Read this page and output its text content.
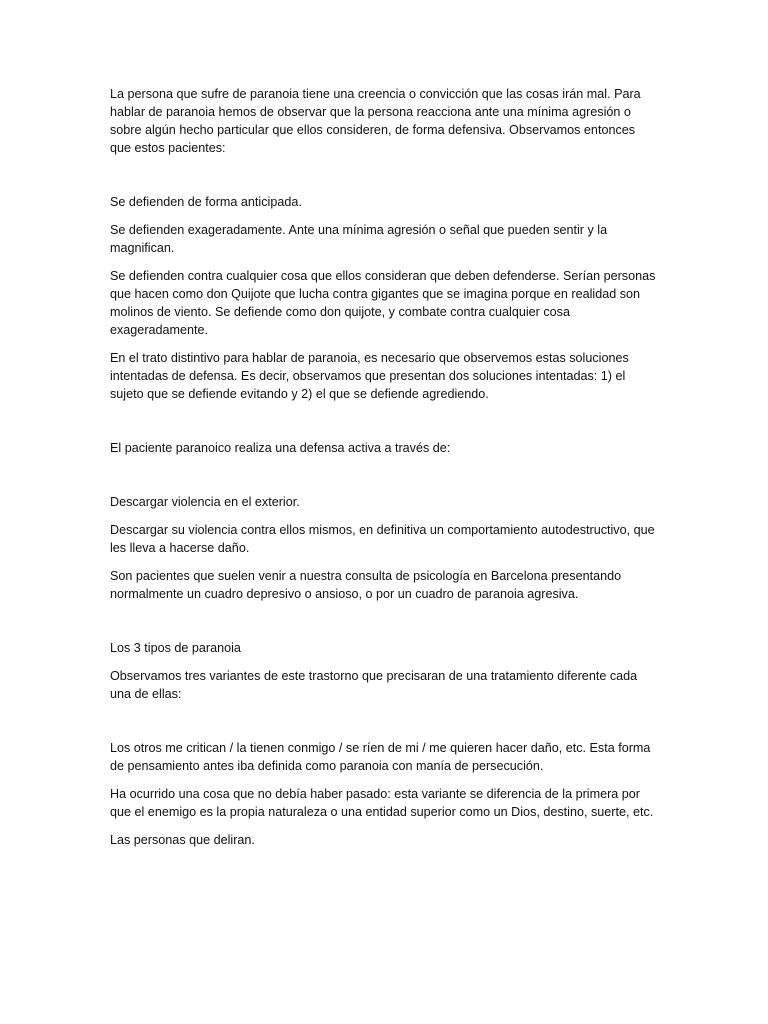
La persona que sufre de paranoia tiene una creencia o convicción que las cosas irán mal. Para hablar de paranoia hemos de observar que la persona reacciona ante una mínima agresión o sobre algún hecho particular que ellos consideren, de forma defensiva. Observamos entonces que estos pacientes:

Se defienden de forma anticipada.

Se defienden exageradamente. Ante una mínima agresión o señal que pueden sentir y la magnifican.

Se defienden contra cualquier cosa que ellos consideran que deben defenderse. Serían personas que hacen como don Quijote que lucha contra gigantes que se imagina porque en realidad son molinos de viento. Se defiende como don quijote, y combate contra cualquier cosa exageradamente.

En el trato distintivo para hablar de paranoia, es necesario que observemos estas soluciones intentadas de defensa. Es decir, observamos que presentan dos soluciones intentadas: 1) el sujeto que se defiende evitando y 2) el que se defiende agrediendo.

El paciente paranoico realiza una defensa activa a través de:

Descargar violencia en el exterior.

Descargar su violencia contra ellos mismos, en definitiva un comportamiento autodestructivo, que les lleva a hacerse daño.

Son pacientes que suelen venir a nuestra consulta de psicología en Barcelona presentando normalmente un cuadro depresivo o ansioso, o por un cuadro de paranoia agresiva.

Los 3 tipos de paranoia

Observamos tres variantes de este trastorno que precisaran de una tratamiento diferente cada una de ellas:

Los otros me critican / la tienen conmigo / se ríen de mi / me quieren hacer daño, etc. Esta forma de pensamiento antes iba definida como paranoia con manía de persecución.

Ha ocurrido una cosa que no debía haber pasado: esta variante se diferencia de la primera por que el enemigo es la propia naturaleza o una entidad superior como un Dios, destino, suerte, etc.

Las personas que deliran.
